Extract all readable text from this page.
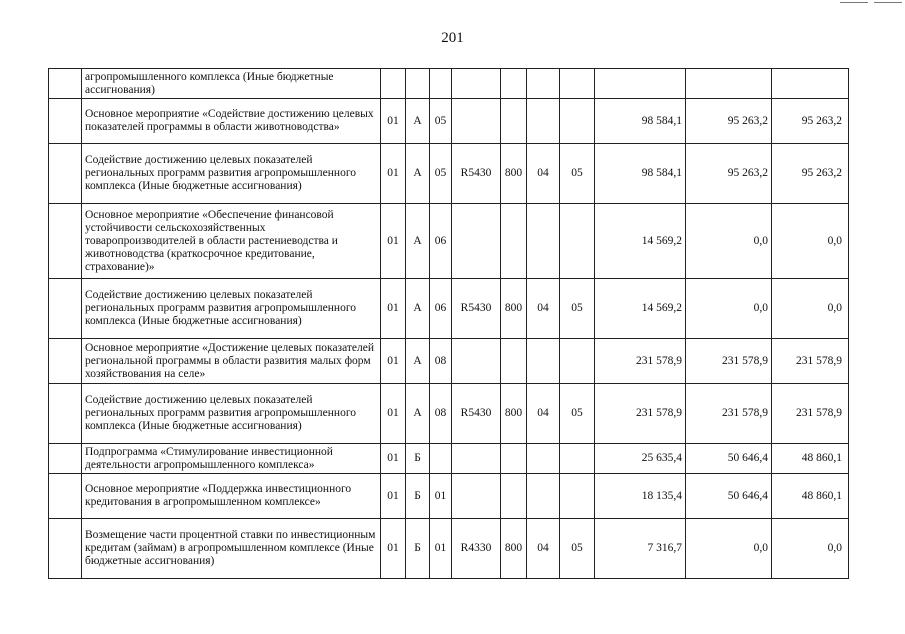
201
	агропромышленного комплекса (Иные бюджетные ассигнования)										
	Основное мероприятие «Содействие достижению целевых показателей программы в области животноводства»	01	А	05					98 584,1	95 263,2	95 263,2
	Содействие достижению целевых показателей региональных программ развития агропромышленного комплекса (Иные бюджетные ассигнования)	01	А	05	R5430	800	04	05	98 584,1	95 263,2	95 263,2
	Основное мероприятие «Обеспечение финансовой устойчивости сельскохозяйственных товаропроизводителей в области растениеводства и животноводства (краткосрочное кредитование, страхование)»	01	А	06					14 569,2	0,0	0,0
	Содействие достижению целевых показателей региональных программ развития агропромышленного комплекса (Иные бюджетные ассигнования)	01	А	06	R5430	800	04	05	14 569,2	0,0	0,0
	Основное мероприятие «Достижение целевых показателей региональной программы в области развития малых форм хозяйствования на селе»	01	А	08					231 578,9	231 578,9	231 578,9
	Содействие достижению целевых показателей региональных программ развития агропромышленного комплекса (Иные бюджетные ассигнования)	01	А	08	R5430	800	04	05	231 578,9	231 578,9	231 578,9
	Подпрограмма «Стимулирование инвестиционной деятельности агропромышленного комплекса»	01	Б						25 635,4	50 646,4	48 860,1
	Основное мероприятие «Поддержка инвестиционного кредитования в агропромышленном комплексе»	01	Б	01					18 135,4	50 646,4	48 860,1
	Возмещение части процентной ставки по инвестиционным кредитам (займам) в агропромышленном комплексе (Иные бюджетные ассигнования)	01	Б	01	R4330	800	04	05	7 316,7	0,0	0,0
